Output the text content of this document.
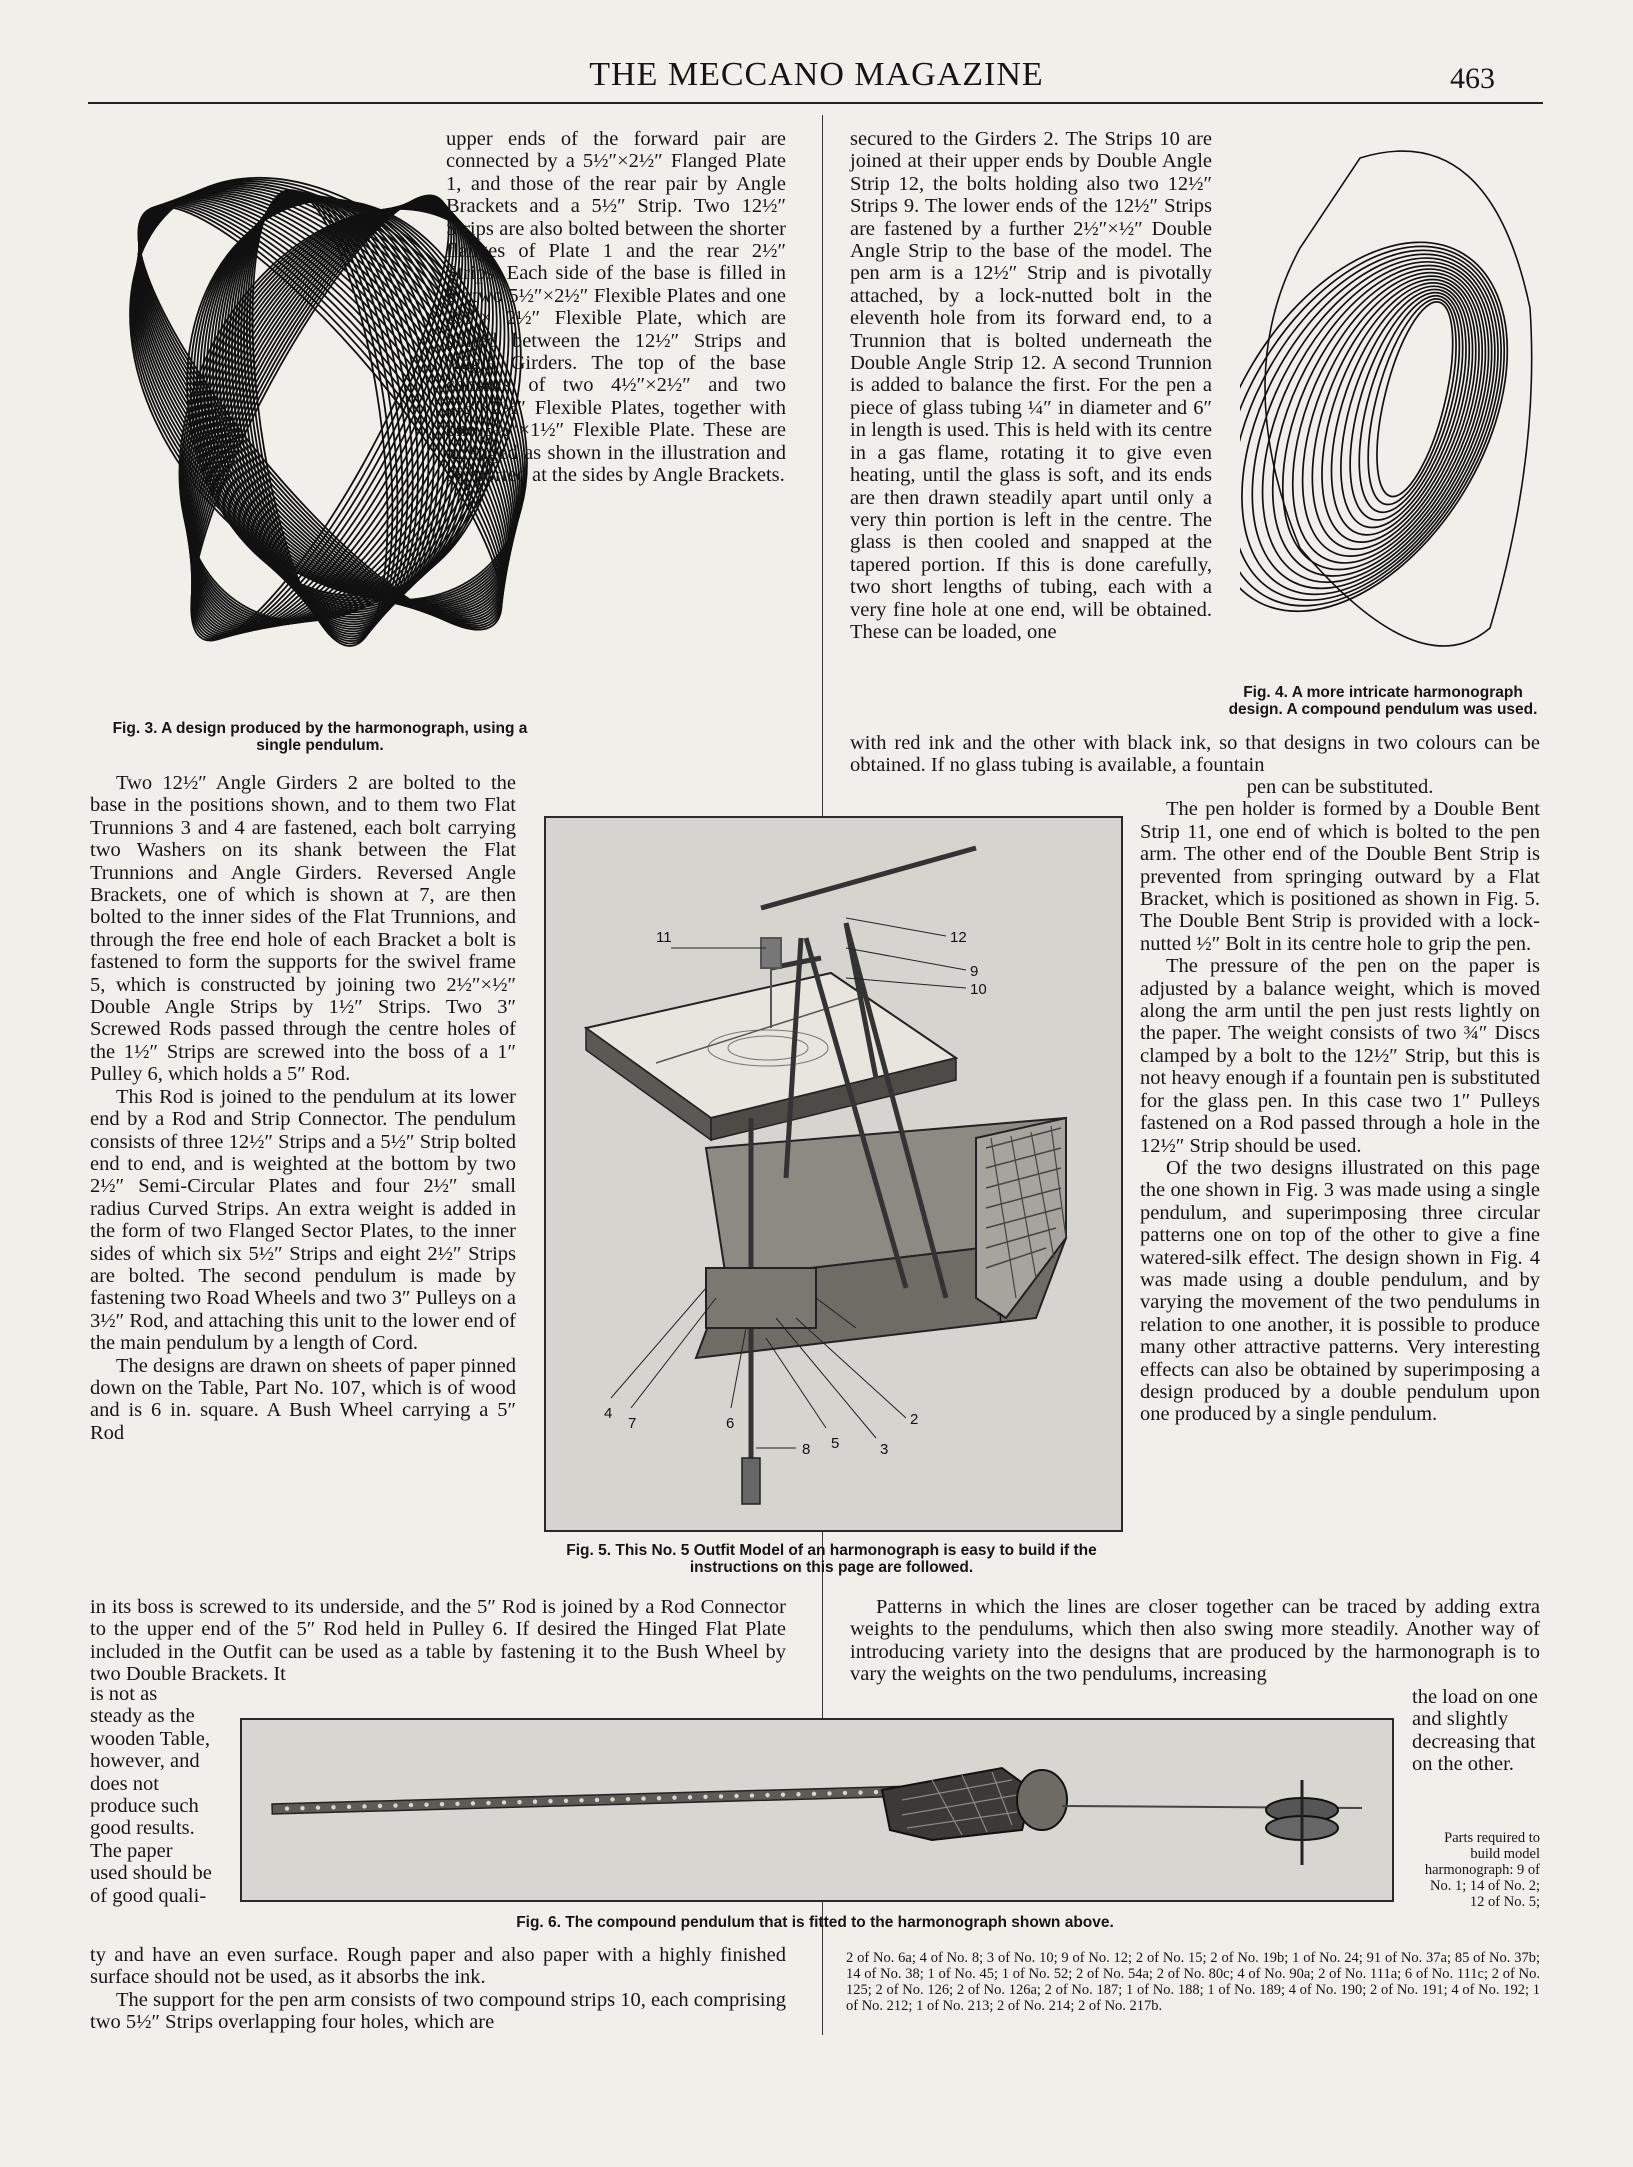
THE MECCANO MAGAZINE	463
Fig. 3. A design produced by the harmonograph, using a single pendulum.
Fig. 4. A more intricate harmonograph design. A compound pendulum was used.

upper ends of the forward pair are connected by a 5½″×2½″ Flanged Plate 1, and those of the rear pair by Angle Brackets and a 5½″ Strip. Two 12½″ Strips are also bolted between the shorter flanges of Plate 1 and the rear 2½″ Strips. Each side of the base is filled in by two 5½″×2½″ Flexible Plates and one 2½″× 2½″ Flexible Plate, which are bolted between the 12½″ Strips and Angle Girders. The top of the base consists of two 4½″×2½″ and two 2½″×2½″ Flexible Plates, together with one 5½″×1½″ Flexible Plate. These are arranged as shown in the illustration and supported at the sides by Angle Brackets.

Two 12½″ Angle Girders 2 are bolted to the base in the positions shown, and to them two Flat Trunnions 3 and 4 are fastened, each bolt carrying two Washers on its shank between the Flat Trunnions and Angle Girders. Reversed Angle Brackets, one of which is shown at 7, are then bolted to the inner sides of the Flat Trunnions, and through the free end hole of each Bracket a bolt is fastened to form the supports for the swivel frame 5, which is constructed by joining two 2½″×½″ Double Angle Strips by 1½″ Strips. Two 3″ Screwed Rods passed through the centre holes of the 1½″ Strips are screwed into the boss of a 1″ Pulley 6, which holds a 5″ Rod.

This Rod is joined to the pendulum at its lower end by a Rod and Strip Connector. The pendulum consists of three 12½″ Strips and a 5½″ Strip bolted end to end, and is weighted at the bottom by two 2½″ Semi-Circular Plates and four 2½″ small radius Curved Strips. An extra weight is added in the form of two Flanged Sector Plates, to the inner sides of which six 5½″ Strips and eight 2½″ Strips are bolted. The second pendulum is made by fastening two Road Wheels and two 3″ Pulleys on a 3½″ Rod, and attaching this unit to the lower end of the main pendulum by a length of Cord.

The designs are drawn on sheets of paper pinned down on the Table, Part No. 107, which is of wood and is 6 in. square. A Bush Wheel carrying a 5″ Rod

12
11
9
10
1
2
3
4
7	6
8 5
Fig. 5. This No. 5 Outfit Model of an harmonograph is easy to build if the instructions on this page are followed.

in its boss is screwed to its underside, and the 5″ Rod is joined by a Rod Connector to the upper end of the 5″ Rod held in Pulley 6. If desired the Hinged Flat Plate included in the Outfit can be used as a table by fastening it to the Bush Wheel by two Double Brackets. It

is not as steady as the wooden Table, however, and does not produce such good results. The paper used should be of good quali-

Fig. 6. The compound pendulum that is fitted to the harmonograph shown above.

ty and have an even surface. Rough paper and also paper with a highly finished surface should not be used, as it absorbs the ink.

The support for the pen arm consists of two compound strips 10, each comprising two 5½″ Strips overlapping four holes, which are

secured to the Girders 2. The Strips 10 are joined at their upper ends by Double Angle Strip 12, the bolts holding also two 12½″ Strips 9. The lower ends of the 12½″ Strips are fastened by a further 2½″×½″ Double Angle Strip to the base of the model. The pen arm is a 12½″ Strip and is pivotally attached, by a lock-nutted bolt in the eleventh hole from its forward end, to a Trunnion that is bolted underneath the Double Angle Strip 12. A second Trunnion is added to balance the first. For the pen a piece of glass tubing ¼″ in diameter and 6″ in length is used. This is held with its centre in a gas flame, rotating it to give even heating, until the glass is soft, and its ends are then drawn steadily apart until only a very thin portion is left in the centre. The glass is then cooled and snapped at the tapered portion. If this is done carefully, two short lengths of tubing, each with a very fine hole at one end, will be obtained. These can be loaded, one

with red ink and the other with black ink, so that designs in two colours can be obtained. If no glass tubing is available, a fountain

pen can be substituted.

The pen holder is formed by a Double Bent Strip 11, one end of which is bolted to the pen arm. The other end of the Double Bent Strip is prevented from springing outward by a Flat Bracket, which is positioned as shown in Fig. 5. The Double Bent Strip is provided with a lock-nutted ½″ Bolt in its centre hole to grip the pen.

The pressure of the pen on the paper is adjusted by a balance weight, which is moved along the arm until the pen just rests lightly on the paper. The weight consists of two ¾″ Discs clamped by a bolt to the 12½″ Strip, but this is not heavy enough if a fountain pen is substituted for the glass pen. In this case two 1″ Pulleys fastened on a Rod passed through a hole in the 12½″ Strip should be used.

Of the two designs illustrated on this page the one shown in Fig. 3 was made using a single pendulum, and superimposing three circular patterns one on top of the other to give a fine watered-silk effect. The design shown in Fig. 4 was made using a double pendulum, and by varying the movement of the two pendulums in relation to one another, it is possible to produce many other attractive patterns. Very interesting effects can also be obtained by superimposing a design produced by a double pendulum upon one produced by a single pendulum.

Patterns in which the lines are closer together can be traced by adding extra weights to the pendulums, which then also swing more steadily. Another way of introducing variety into the designs that are produced by the harmonograph is to vary the weights on the two pendulums, increasing

the load on one and slightly decreasing that on the other.

Parts required to build model harmonograph: 9 of No. 1; 14 of No. 2; 12 of No. 5;
2 of No. 6a; 4 of No. 8; 3 of No. 10; 9 of No. 12; 2 of No. 15; 2 of No. 19b; 1 of No. 24; 91 of No. 37a; 85 of No. 37b; 14 of No. 38; 1 of No. 45; 1 of No. 52; 2 of No. 54a; 2 of No. 80c; 4 of No. 90a; 2 of No. 111a; 6 of No. 111c; 2 of No. 125; 2 of No. 126; 2 of No. 126a; 2 of No. 187; 1 of No. 188; 1 of No. 189; 4 of No. 190; 2 of No. 191; 4 of No. 192; 1 of No. 212; 1 of No. 213; 2 of No. 214; 2 of No. 217b.
